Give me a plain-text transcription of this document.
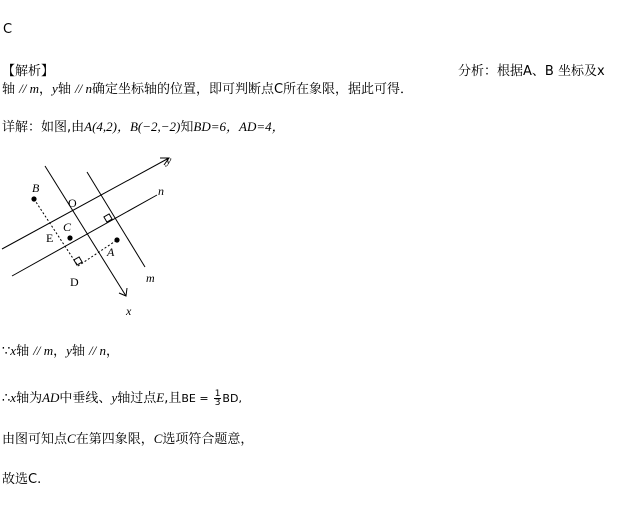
C
【解析】	分析：根据A、B 坐标及x
轴 // m，y轴 // n确定坐标轴的位置，即可判断点C所在象限，据此可得．
详解：如图,由A(4,2)，B(−2,−2)知BD=6，AD=4，
y
n
B
O
C
E
A
m
D
x
∵x轴 // m，y轴 // n，
∴x轴为AD中垂线、y轴过点E,且BE = $\frac{1}{3}$ BD,
由图可知点C在第四象限，C选项符合题意，
故选C.
